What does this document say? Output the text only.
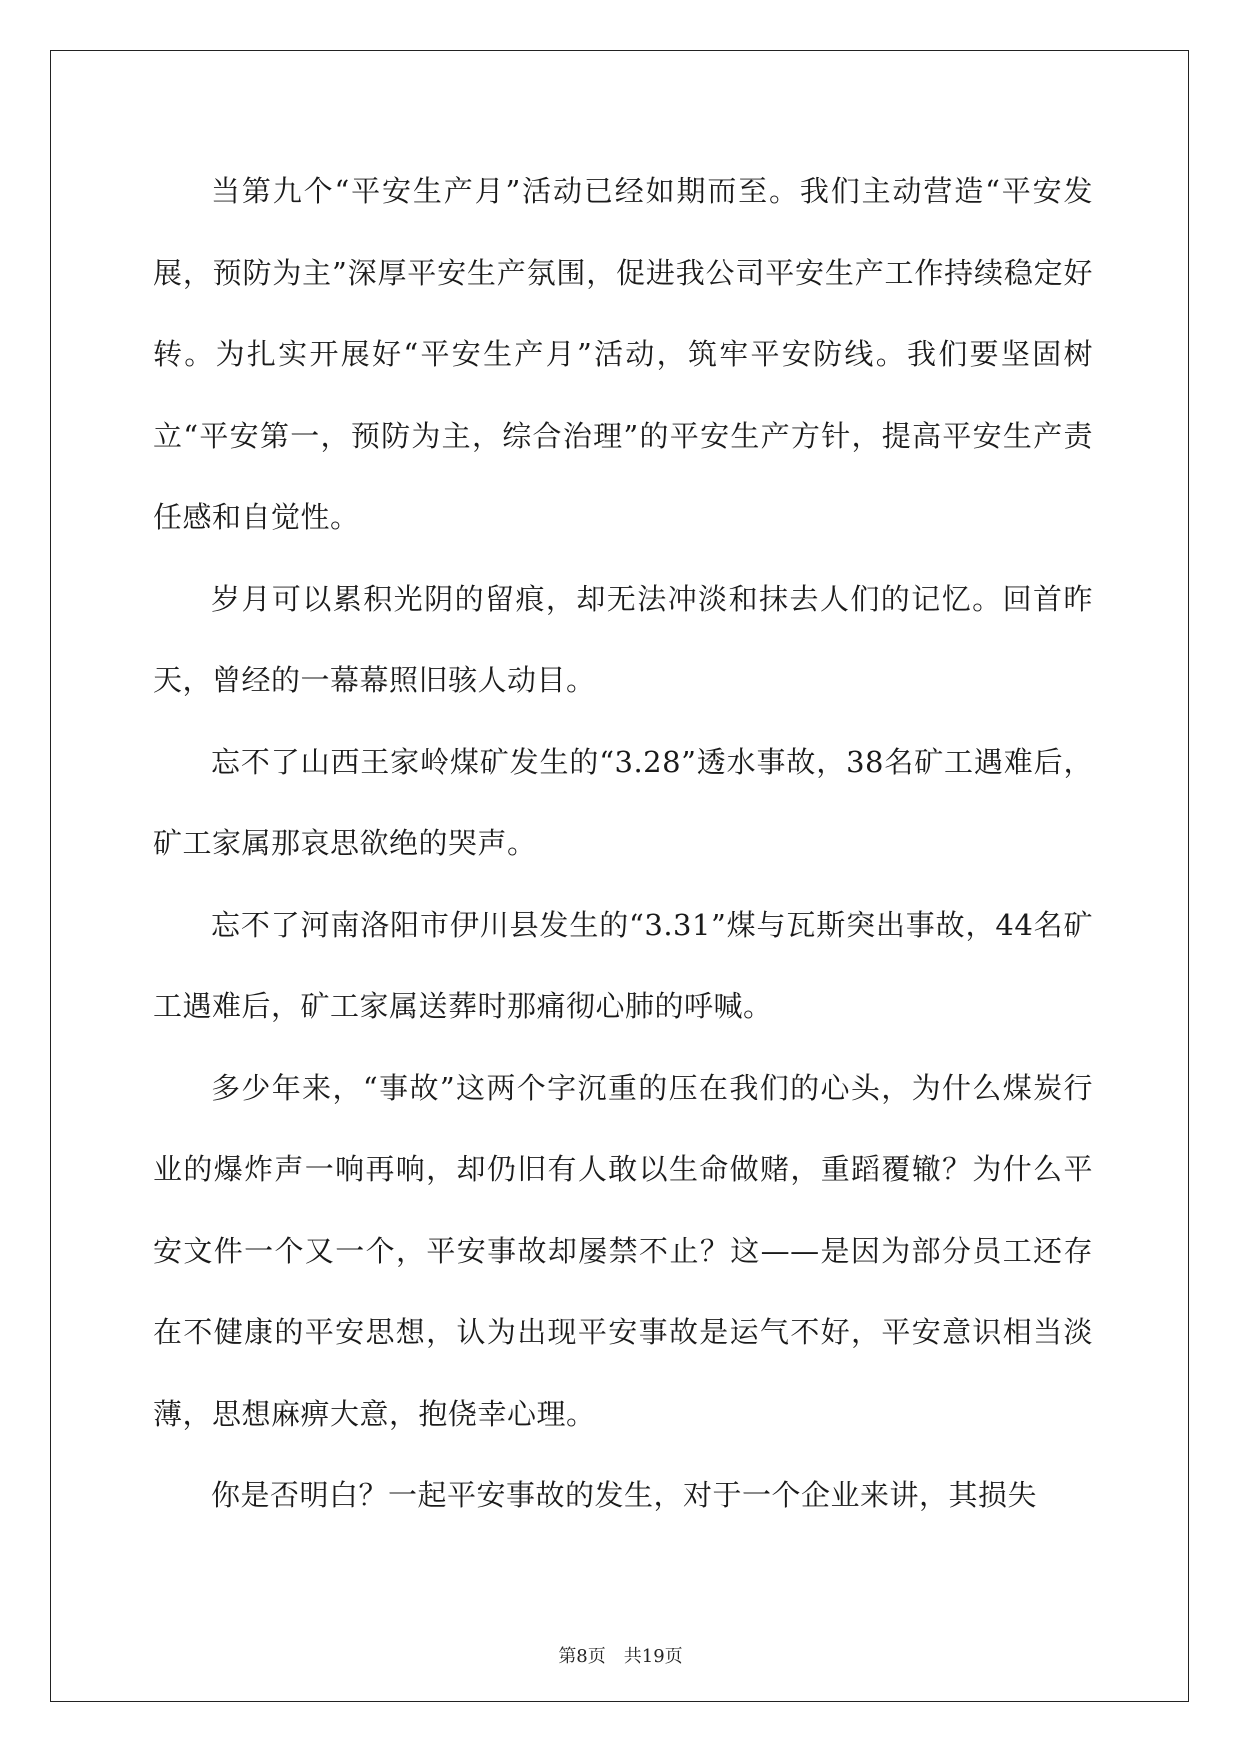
当第九个“平安生产月”活动已经如期而至。我们主动营造“平安发展，预防为主”深厚平安生产氛围，促进我公司平安生产工作持续稳定好转。为扎实开展好“平安生产月”活动，筑牢平安防线。我们要坚固树立“平安第一，预防为主，综合治理”的平安生产方针，提高平安生产责任感和自觉性。

岁月可以累积光阴的留痕，却无法冲淡和抹去人们的记忆。回首昨天，曾经的一幕幕照旧骇人动目。

忘不了山西王家岭煤矿发生的“3.28”透水事故，38名矿工遇难后，矿工家属那哀思欲绝的哭声。

忘不了河南洛阳市伊川县发生的“3.31”煤与瓦斯突出事故，44名矿工遇难后，矿工家属送葬时那痛彻心肺的呼喊。

多少年来，“事故”这两个字沉重的压在我们的心头，为什么煤炭行业的爆炸声一响再响，却仍旧有人敢以生命做赌，重蹈覆辙？为什么平安文件一个又一个，平安事故却屡禁不止？这——是因为部分员工还存在不健康的平安思想，认为出现平安事故是运气不好，平安意识相当淡薄，思想麻痹大意，抱侥幸心理。

你是否明白？一起平安事故的发生，对于一个企业来讲，其损失

第8页 共19页
